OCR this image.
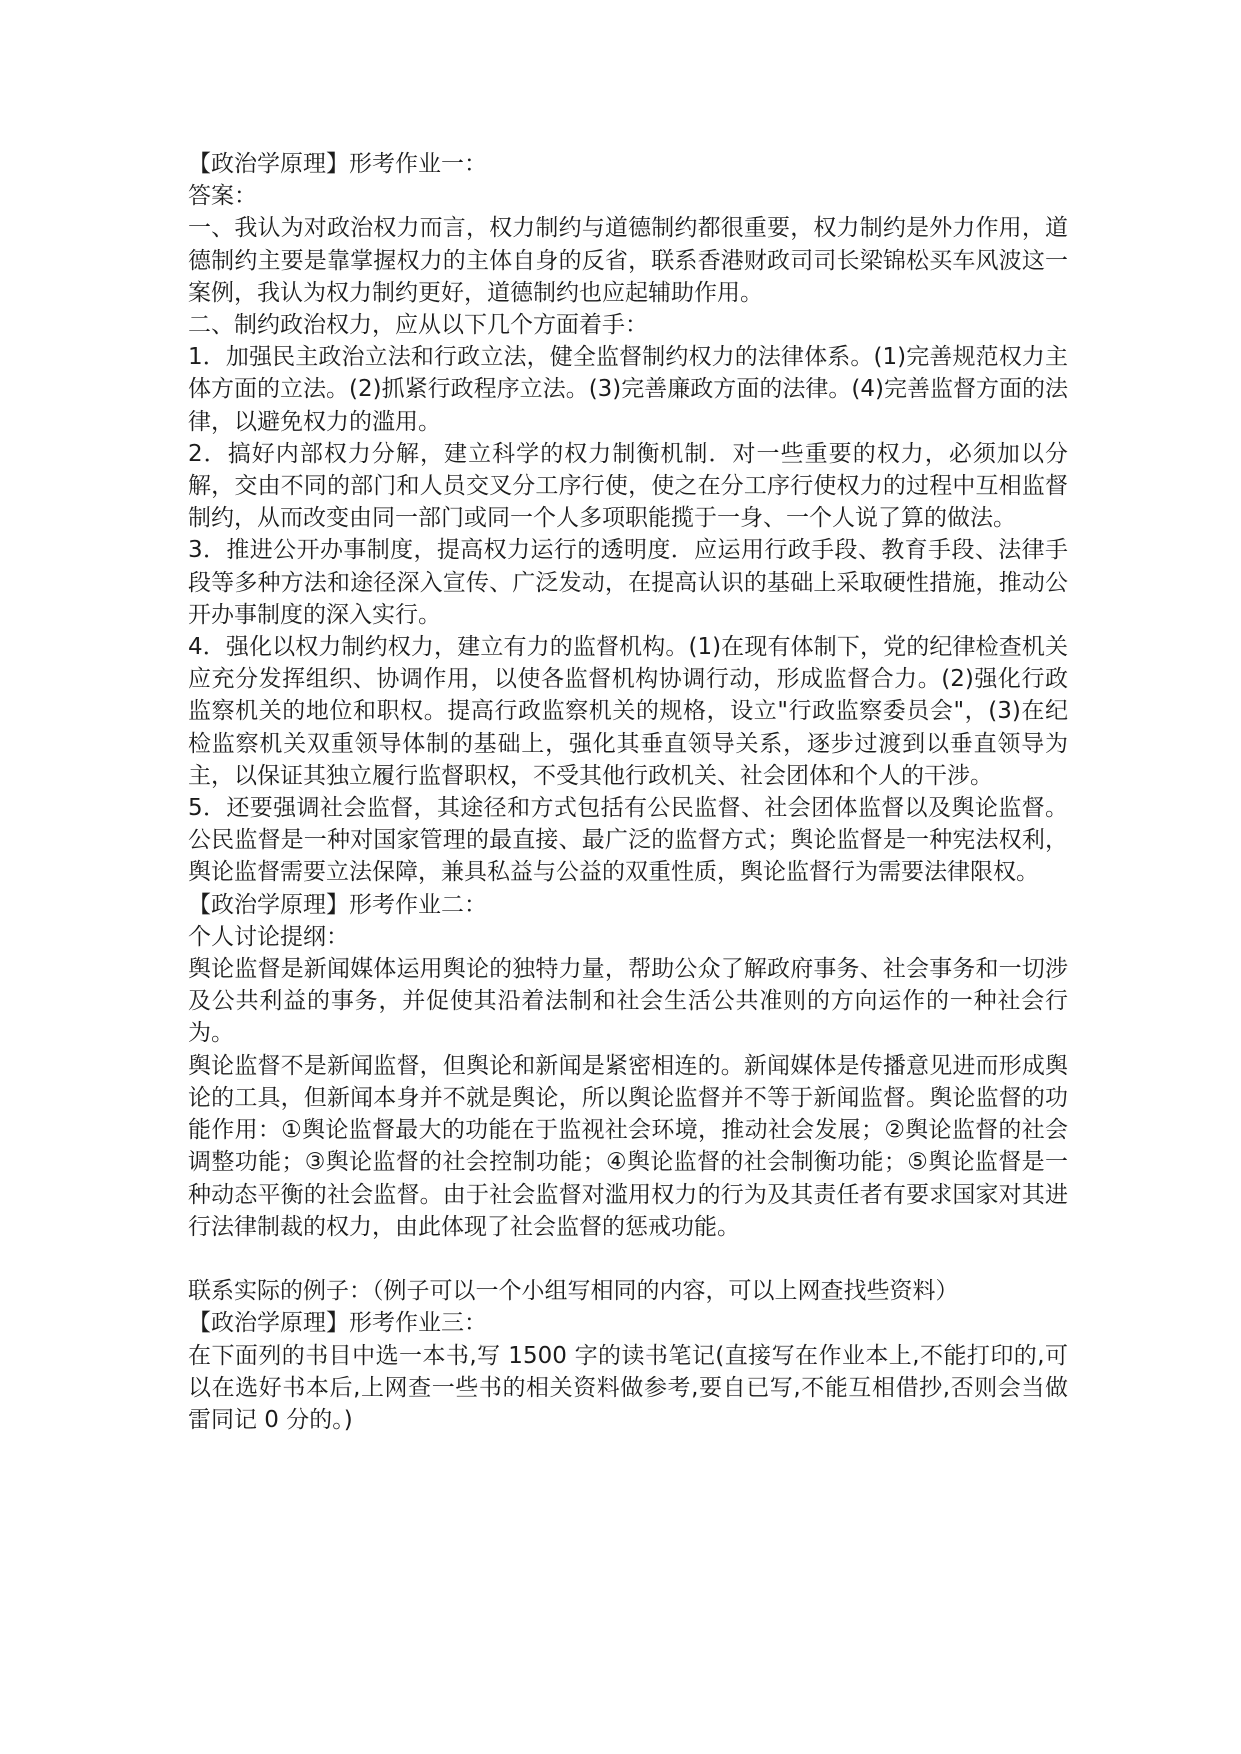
【政治学原理】形考作业一：

答案：

一、我认为对政治权力而言，权力制约与道德制约都很重要，权力制约是外力作用，道德制约主要是靠掌握权力的主体自身的反省，联系香港财政司司长梁锦松买车风波这一案例，我认为权力制约更好，道德制约也应起辅助作用。

二、制约政治权力，应从以下几个方面着手：

1．加强民主政治立法和行政立法，健全监督制约权力的法律体系。(1)完善规范权力主体方面的立法。(2)抓紧行政程序立法。(3)完善廉政方面的法律。(4)完善监督方面的法律，以避免权力的滥用。

2．搞好内部权力分解，建立科学的权力制衡机制．对一些重要的权力，必须加以分解，交由不同的部门和人员交叉分工序行使，使之在分工序行使权力的过程中互相监督制约，从而改变由同一部门或同一个人多项职能揽于一身、一个人说了算的做法。

3．推进公开办事制度，提高权力运行的透明度．应运用行政手段、教育手段、法律手段等多种方法和途径深入宣传、广泛发动，在提高认识的基础上采取硬性措施，推动公开办事制度的深入实行。

4．强化以权力制约权力，建立有力的监督机构。(1)在现有体制下，党的纪律检查机关应充分发挥组织、协调作用，以使各监督机构协调行动，形成监督合力。(2)强化行政监察机关的地位和职权。提高行政监察机关的规格，设立"行政监察委员会"，(3)在纪检监察机关双重领导体制的基础上，强化其垂直领导关系，逐步过渡到以垂直领导为主，以保证其独立履行监督职权，不受其他行政机关、社会团体和个人的干涉。

5．还要强调社会监督，其途径和方式包括有公民监督、社会团体监督以及舆论监督。公民监督是一种对国家管理的最直接、最广泛的监督方式；舆论监督是一种宪法权利，舆论监督需要立法保障，兼具私益与公益的双重性质，舆论监督行为需要法律限权。

【政治学原理】形考作业二：

个人讨论提纲：

舆论监督是新闻媒体运用舆论的独特力量，帮助公众了解政府事务、社会事务和一切涉及公共利益的事务，并促使其沿着法制和社会生活公共准则的方向运作的一种社会行为。

舆论监督不是新闻监督，但舆论和新闻是紧密相连的。新闻媒体是传播意见进而形成舆论的工具，但新闻本身并不就是舆论，所以舆论监督并不等于新闻监督。舆论监督的功能作用：①舆论监督最大的功能在于监视社会环境，推动社会发展；②舆论监督的社会调整功能；③舆论监督的社会控制功能；④舆论监督的社会制衡功能；⑤舆论监督是一种动态平衡的社会监督。由于社会监督对滥用权力的行为及其责任者有要求国家对其进行法律制裁的权力，由此体现了社会监督的惩戒功能。

联系实际的例子：（例子可以一个小组写相同的内容，可以上网查找些资料）

【政治学原理】形考作业三：

在下面列的书目中选一本书,写 1500 字的读书笔记(直接写在作业本上,不能打印的,可以在选好书本后,上网查一些书的相关资料做参考,要自已写,不能互相借抄,否则会当做雷同记 0 分的。)
